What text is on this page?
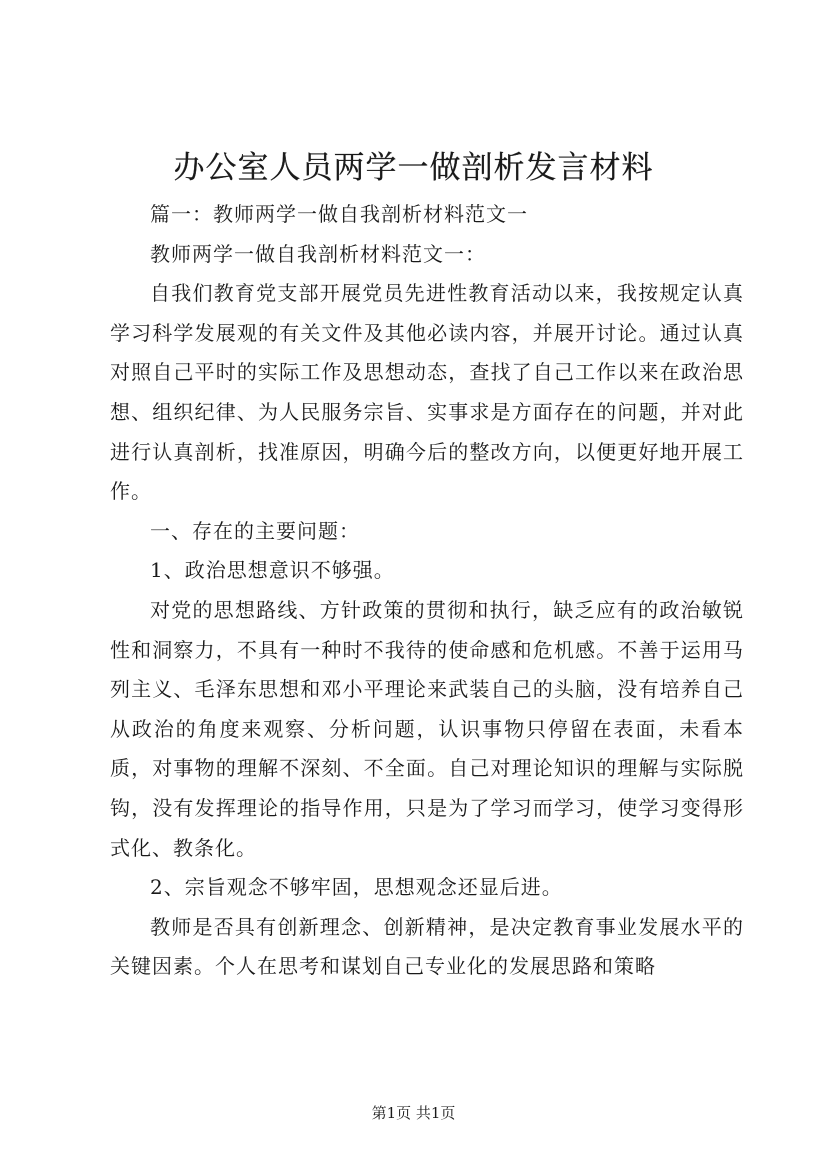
办公室人员两学一做剖析发言材料

篇一：教师两学一做自我剖析材料范文一

教师两学一做自我剖析材料范文一：

自我们教育党支部开展党员先进性教育活动以来，我按规定认真学习科学发展观的有关文件及其他必读内容，并展开讨论。通过认真对照自己平时的实际工作及思想动态，查找了自己工作以来在政治思想、组织纪律、为人民服务宗旨、实事求是方面存在的问题，并对此进行认真剖析，找准原因，明确今后的整改方向，以便更好地开展工作。

一、存在的主要问题：

1、政治思想意识不够强。

对党的思想路线、方针政策的贯彻和执行，缺乏应有的政治敏锐性和洞察力，不具有一种时不我待的使命感和危机感。不善于运用马列主义、毛泽东思想和邓小平理论来武装自己的头脑，没有培养自己从政治的角度来观察、分析问题，认识事物只停留在表面，未看本质，对事物的理解不深刻、不全面。自己对理论知识的理解与实际脱钩，没有发挥理论的指导作用，只是为了学习而学习，使学习变得形式化、教条化。

2、宗旨观念不够牢固，思想观念还显后进。

教师是否具有创新理念、创新精神，是决定教育事业发展水平的关键因素。个人在思考和谋划自己专业化的发展思路和策略

第1页 共1页
